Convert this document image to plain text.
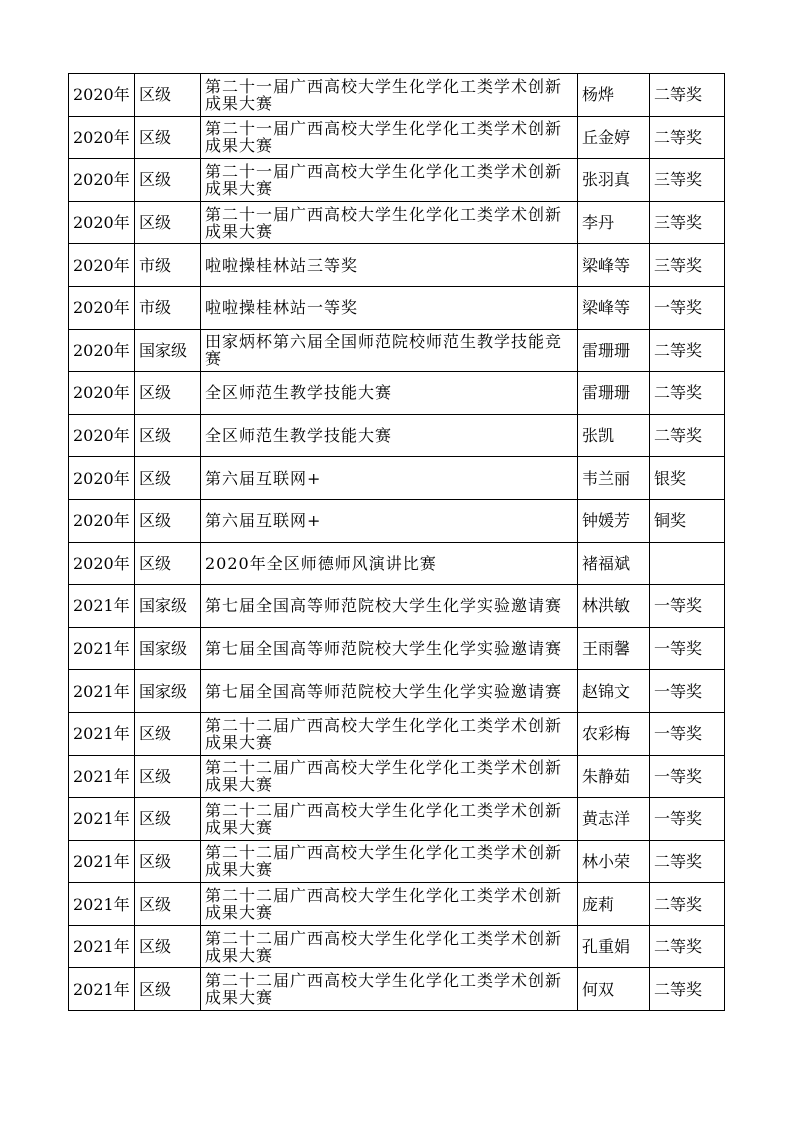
2020年	区级	第二十一届广西高校大学生化学化工类学术创新成果大赛	杨烨	二等奖
2020年	区级	第二十一届广西高校大学生化学化工类学术创新成果大赛	丘金婷	二等奖
2020年	区级	第二十一届广西高校大学生化学化工类学术创新成果大赛	张羽真	三等奖
2020年	区级	第二十一届广西高校大学生化学化工类学术创新成果大赛	李丹	三等奖
2020年	市级	啦啦操桂林站三等奖	梁峰等	三等奖
2020年	市级	啦啦操桂林站一等奖	梁峰等	一等奖
2020年	国家级	田家炳杯第六届全国师范院校师范生教学技能竞赛	雷珊珊	二等奖
2020年	区级	全区师范生教学技能大赛	雷珊珊	二等奖
2020年	区级	全区师范生教学技能大赛	张凯	二等奖
2020年	区级	第六届互联网+	韦兰丽	银奖
2020年	区级	第六届互联网+	钟媛芳	铜奖
2020年	区级	2020年全区师德师风演讲比赛	褚福斌	
2021年	国家级	第七届全国高等师范院校大学生化学实验邀请赛	林洪敏	一等奖
2021年	国家级	第七届全国高等师范院校大学生化学实验邀请赛	王雨馨	一等奖
2021年	国家级	第七届全国高等师范院校大学生化学实验邀请赛	赵锦文	一等奖
2021年	区级	第二十二届广西高校大学生化学化工类学术创新成果大赛	农彩梅	一等奖
2021年	区级	第二十二届广西高校大学生化学化工类学术创新成果大赛	朱静茹	一等奖
2021年	区级	第二十二届广西高校大学生化学化工类学术创新成果大赛	黄志洋	一等奖
2021年	区级	第二十二届广西高校大学生化学化工类学术创新成果大赛	林小荣	二等奖
2021年	区级	第二十二届广西高校大学生化学化工类学术创新成果大赛	庞莉	二等奖
2021年	区级	第二十二届广西高校大学生化学化工类学术创新成果大赛	孔重娟	二等奖
2021年	区级	第二十二届广西高校大学生化学化工类学术创新成果大赛	何双	二等奖
